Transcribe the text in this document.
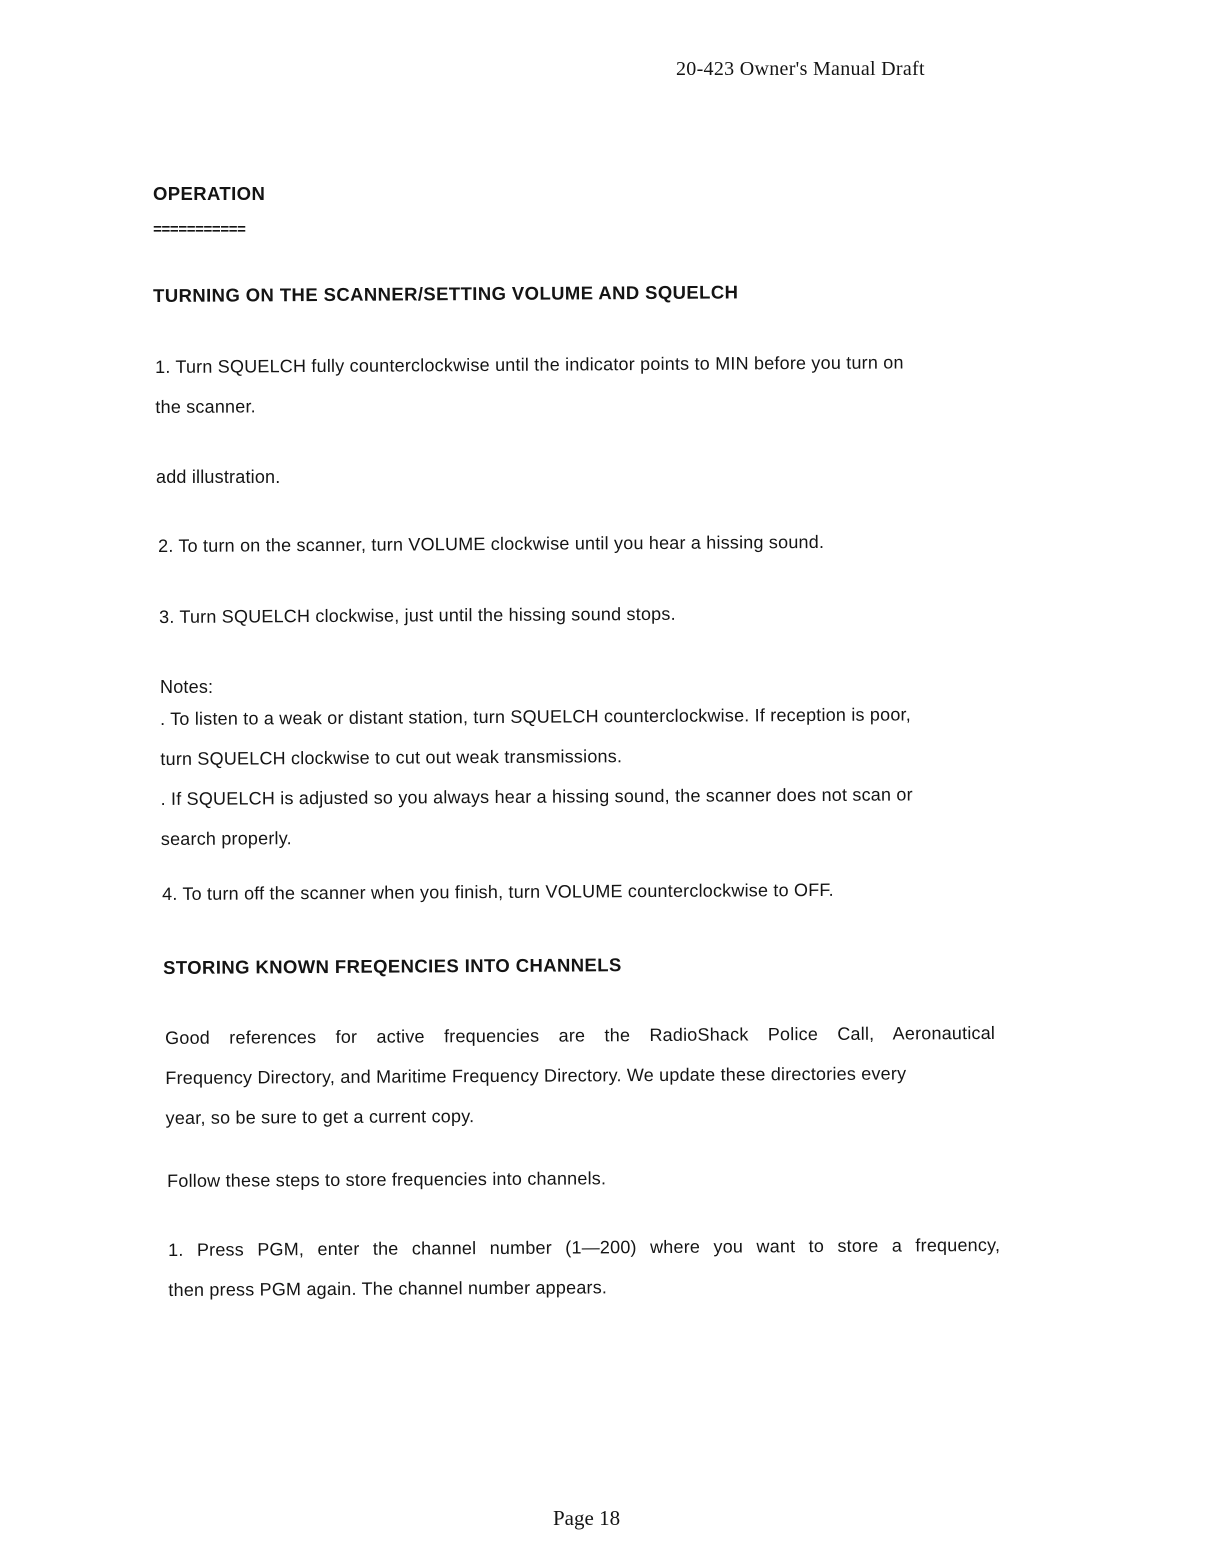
20-423 Owner's Manual Draft
OPERATION
===========
TURNING ON THE SCANNER/SETTING VOLUME AND SQUELCH
1. Turn SQUELCH fully counterclockwise until the indicator points to MIN before you turn on
the scanner.
add illustration.
2. To turn on the scanner, turn VOLUME clockwise until you hear a hissing sound.
3. Turn SQUELCH clockwise, just until the hissing sound stops.
Notes:
. To listen to a weak or distant station, turn SQUELCH counterclockwise. If reception is poor,
turn SQUELCH clockwise to cut out weak transmissions.
. If SQUELCH is adjusted so you always hear a hissing sound, the scanner does not scan or
search properly.
4. To turn off the scanner when you finish, turn VOLUME counterclockwise to OFF.
STORING KNOWN FREQENCIES INTO CHANNELS
Good references for active frequencies are the RadioShack Police Call, Aeronautical
Frequency Directory, and Maritime Frequency Directory. We update these directories every
year, so be sure to get a current copy.
Follow these steps to store frequencies into channels.
1. Press PGM, enter the channel number (1—200) where you want to store a frequency,
then press PGM again. The channel number appears.
Page 18
